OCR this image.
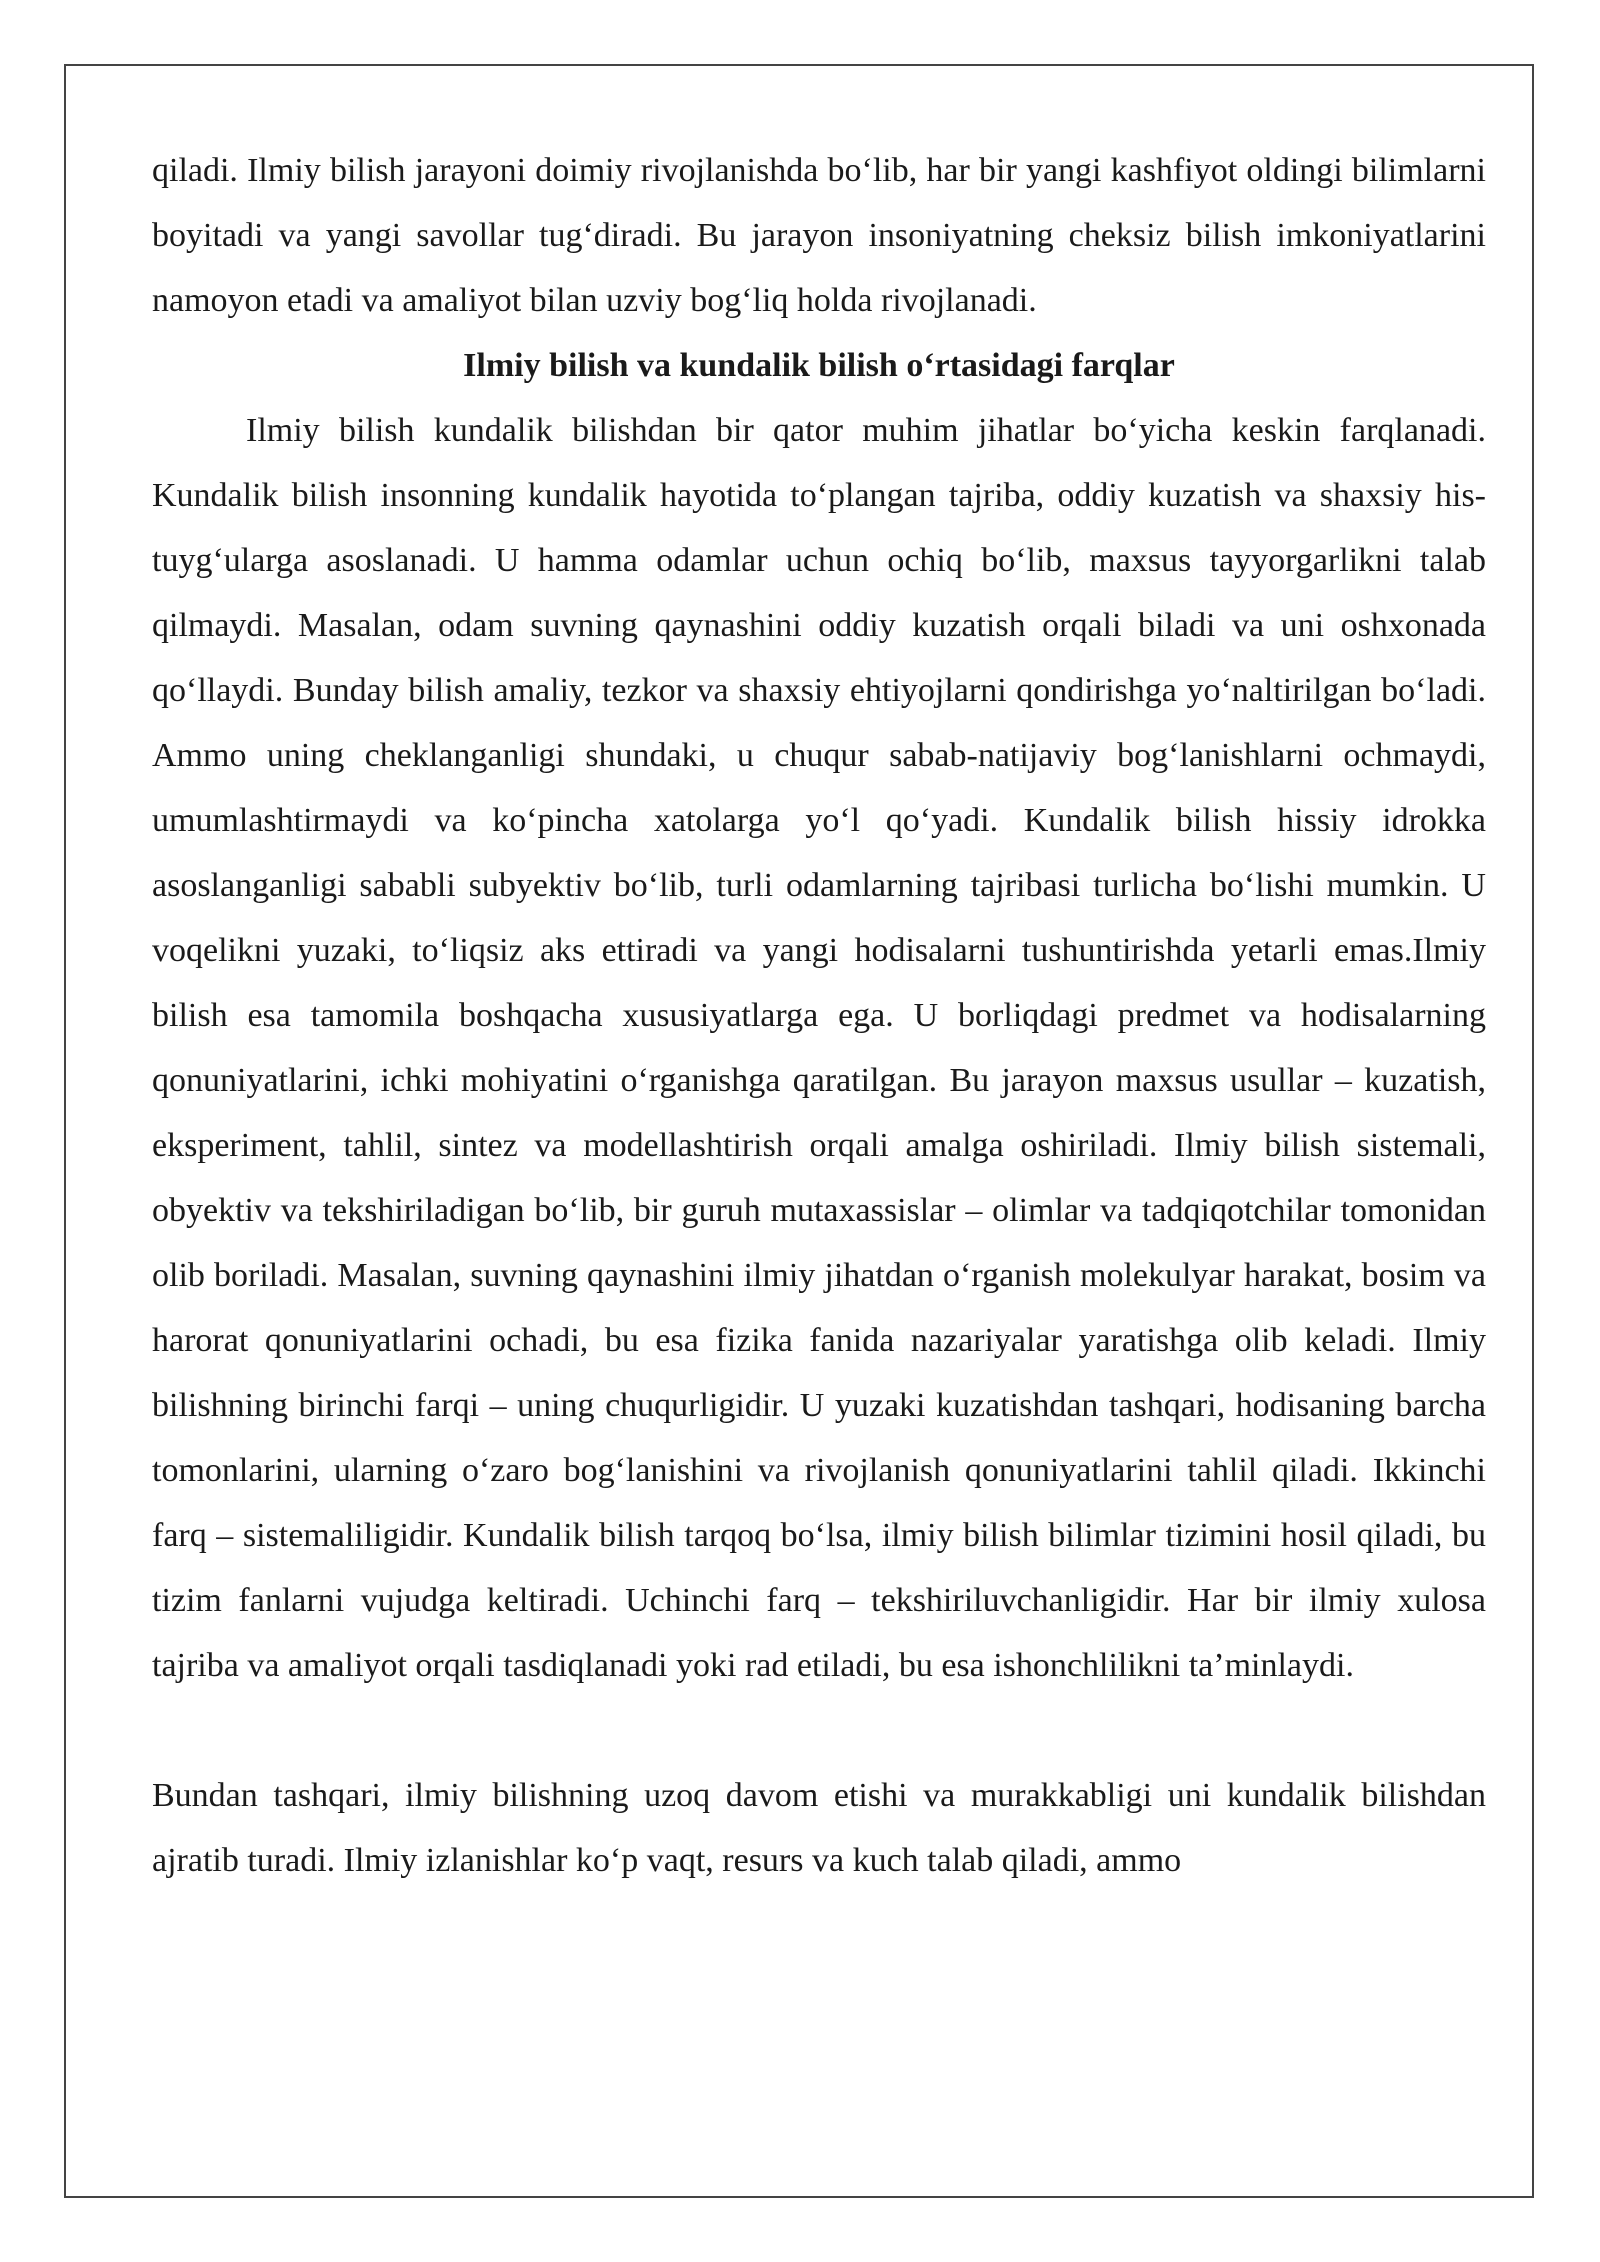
qiladi. Ilmiy bilish jarayoni doimiy rivojlanishda bo‘lib, har bir yangi kashfiyot oldingi bilimlarni boyitadi va yangi savollar tug‘diradi. Bu jarayon insoniyatning cheksiz bilish imkoniyatlarini namoyon etadi va amaliyot bilan uzviy bog‘liq holda rivojlanadi.

Ilmiy bilish va kundalik bilish o‘rtasidagi farqlar

Ilmiy bilish kundalik bilishdan bir qator muhim jihatlar bo‘yicha keskin farqlanadi. Kundalik bilish insonning kundalik hayotida to‘plangan tajriba, oddiy kuzatish va shaxsiy his-tuyg‘ularga asoslanadi. U hamma odamlar uchun ochiq bo‘lib, maxsus tayyorgarlikni talab qilmaydi. Masalan, odam suvning qaynashini oddiy kuzatish orqali biladi va uni oshxonada qo‘llaydi. Bunday bilish amaliy, tezkor va shaxsiy ehtiyojlarni qondirishga yo‘naltirilgan bo‘ladi. Ammo uning cheklanganligi shundaki, u chuqur sabab-natijaviy bog‘lanishlarni ochmaydi, umumlashtirmaydi va ko‘pincha xatolarga yo‘l qo‘yadi. Kundalik bilish hissiy idrokka asoslanganligi sababli subyektiv bo‘lib, turli odamlarning tajribasi turlicha bo‘lishi mumkin. U voqelikni yuzaki, to‘liqsiz aks ettiradi va yangi hodisalarni tushuntirishda yetarli emas.Ilmiy bilish esa tamomila boshqacha xususiyatlarga ega. U borliqdagi predmet va hodisalarning qonuniyatlarini, ichki mohiyatini o‘rganishga qaratilgan. Bu jarayon maxsus usullar – kuzatish, eksperiment, tahlil, sintez va modellashtirish orqali amalga oshiriladi. Ilmiy bilish sistemali, obyektiv va tekshiriladigan bo‘lib, bir guruh mutaxassislar – olimlar va tadqiqotchilar tomonidan olib boriladi. Masalan, suvning qaynashini ilmiy jihatdan o‘rganish molekulyar harakat, bosim va harorat qonuniyatlarini ochadi, bu esa fizika fanida nazariyalar yaratishga olib keladi. Ilmiy bilishning birinchi farqi – uning chuqurligidir. U yuzaki kuzatishdan tashqari, hodisaning barcha tomonlarini, ularning o‘zaro bog‘lanishini va rivojlanish qonuniyatlarini tahlil qiladi. Ikkinchi farq – sistemaliligidir. Kundalik bilish tarqoq bo‘lsa, ilmiy bilish bilimlar tizimini hosil qiladi, bu tizim fanlarni vujudga keltiradi. Uchinchi farq – tekshiriluvchanligidir. Har bir ilmiy xulosa tajriba va amaliyot orqali tasdiqlanadi yoki rad etiladi, bu esa ishonchlilikni ta’minlaydi.

Bundan tashqari, ilmiy bilishning uzoq davom etishi va murakkabligi uni kundalik bilishdan ajratib turadi. Ilmiy izlanishlar ko‘p vaqt, resurs va kuch talab qiladi, ammo
